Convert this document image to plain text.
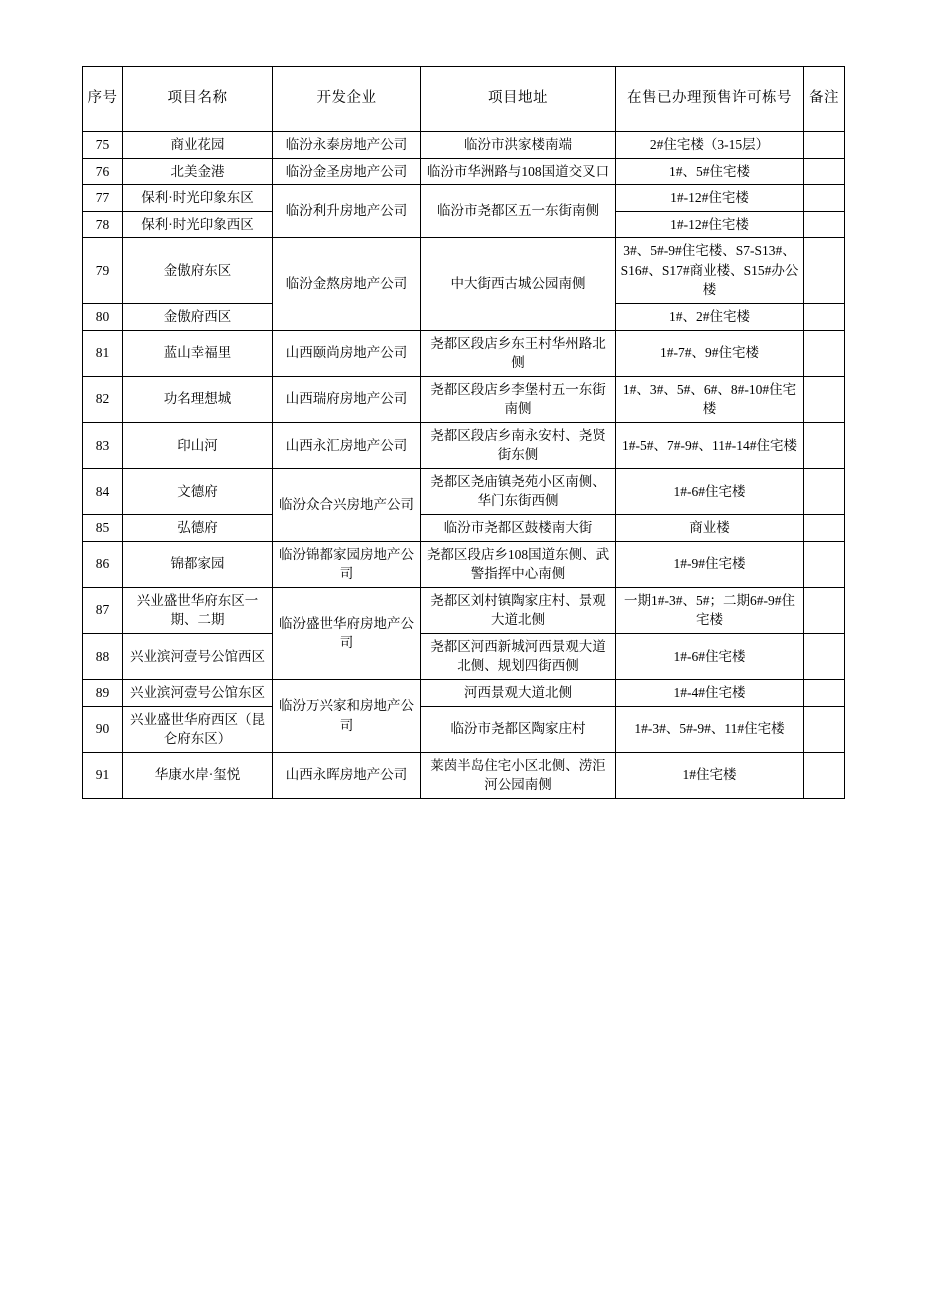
序号	项目名称	开发企业	项目地址	在售已办理预售许可栋号	备注
75	商业花园	临汾永泰房地产公司	临汾市洪家楼南端	2#住宅楼（3-15层）	
76	北美金港	临汾金圣房地产公司	临汾市华洲路与108国道交叉口	1#、5#住宅楼	
77	保利·时光印象东区	临汾利升房地产公司	临汾市尧都区五一东街南侧	1#-12#住宅楼	
78	保利·时光印象西区			1#-12#住宅楼	
79	金傲府东区	临汾金熬房地产公司	中大街西古城公园南侧	3#、5#-9#住宅楼、S7-S13#、S16#、S17#商业楼、S15#办公楼	
80	金傲府西区			1#、2#住宅楼	
81	蓝山幸福里	山西颐尚房地产公司	尧都区段店乡东王村华州路北侧	1#-7#、9#住宅楼	
82	功名理想城	山西瑞府房地产公司	尧都区段店乡李堡村五一东街南侧	1#、3#、5#、6#、8#-10#住宅楼	
83	印山河	山西永汇房地产公司	尧都区段店乡南永安村、尧贤街东侧	1#-5#、7#-9#、11#-14#住宅楼	
84	文德府	临汾众合兴房地产公司	尧都区尧庙镇尧苑小区南侧、华门东街西侧	1#-6#住宅楼	
85	弘德府		临汾市尧都区鼓楼南大街	商业楼	
86	锦都家园	临汾锦都家园房地产公司	尧都区段店乡108国道东侧、武警指挥中心南侧	1#-9#住宅楼	
87	兴业盛世华府东区一期、二期	临汾盛世华府房地产公司	尧都区刘村镇陶家庄村、景观大道北侧	一期1#-3#、5#；二期6#-9#住宅楼	
88	兴业滨河壹号公馆西区		尧都区河西新城河西景观大道北侧、规划四街西侧	1#-6#住宅楼	
89	兴业滨河壹号公馆东区	临汾万兴家和房地产公司	河西景观大道北侧	1#-4#住宅楼	
90	兴业盛世华府西区（昆仑府东区）		临汾市尧都区陶家庄村	1#-3#、5#-9#、11#住宅楼	
91	华康水岸·玺悦	山西永晖房地产公司	莱茵半岛住宅小区北侧、涝洰河公园南侧	1#住宅楼	
